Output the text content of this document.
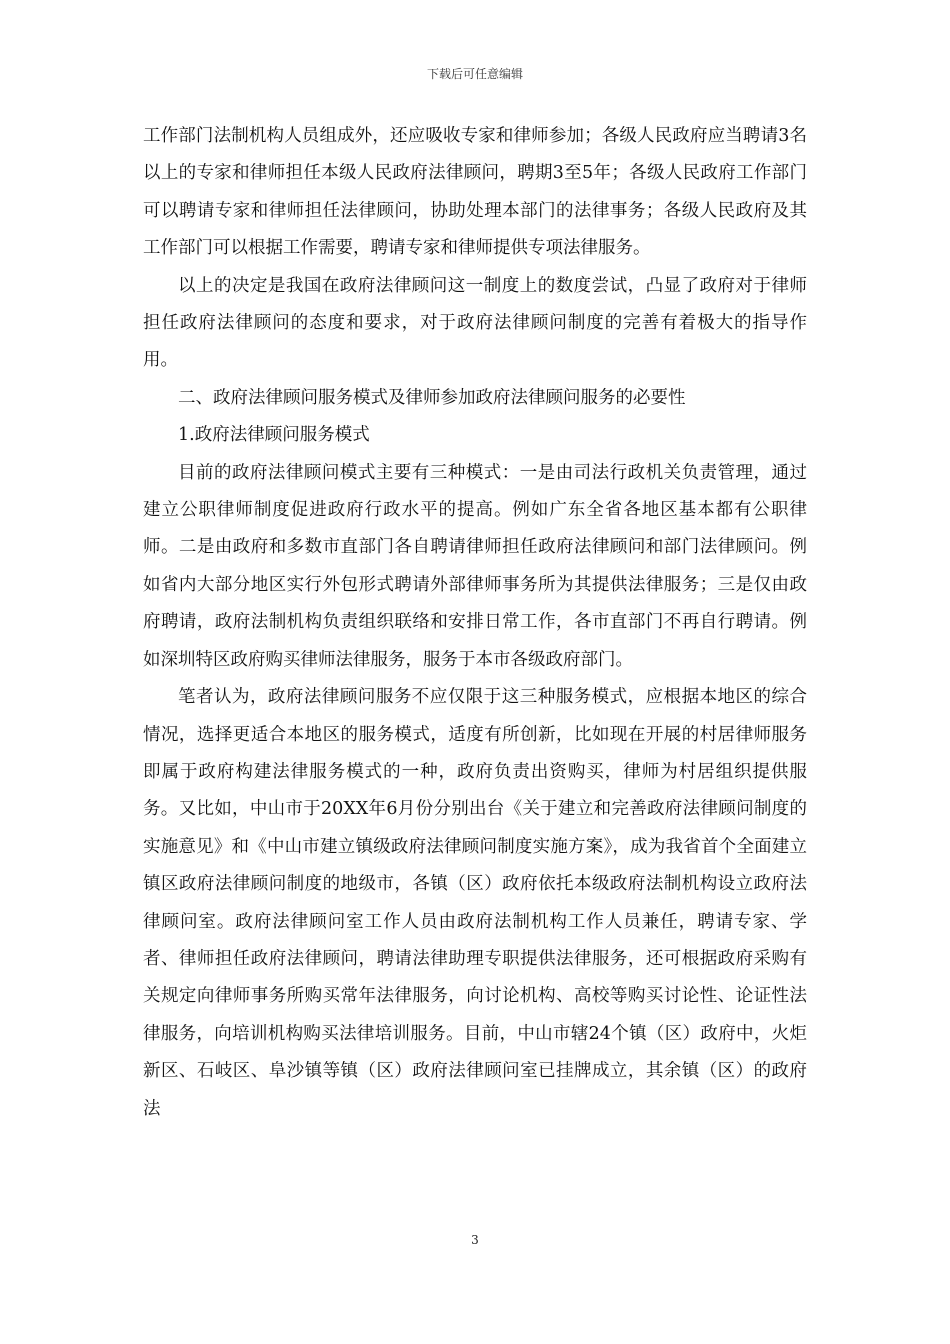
下载后可任意编辑

工作部门法制机构人员组成外，还应吸收专家和律师参加；各级人民政府应当聘请3名以上的专家和律师担任本级人民政府法律顾问，聘期3至5年；各级人民政府工作部门可以聘请专家和律师担任法律顾问，协助处理本部门的法律事务；各级人民政府及其工作部门可以根据工作需要，聘请专家和律师提供专项法律服务。

以上的决定是我国在政府法律顾问这一制度上的数度尝试，凸显了政府对于律师担任政府法律顾问的态度和要求，对于政府法律顾问制度的完善有着极大的指导作用。

二、政府法律顾问服务模式及律师参加政府法律顾问服务的必要性

1.政府法律顾问服务模式

目前的政府法律顾问模式主要有三种模式：一是由司法行政机关负责管理，通过建立公职律师制度促进政府行政水平的提高。例如广东全省各地区基本都有公职律师。二是由政府和多数市直部门各自聘请律师担任政府法律顾问和部门法律顾问。例如省内大部分地区实行外包形式聘请外部律师事务所为其提供法律服务；三是仅由政府聘请，政府法制机构负责组织联络和安排日常工作，各市直部门不再自行聘请。例如深圳特区政府购买律师法律服务，服务于本市各级政府部门。

笔者认为，政府法律顾问服务不应仅限于这三种服务模式，应根据本地区的综合情况，选择更适合本地区的服务模式，适度有所创新，比如现在开展的村居律师服务即属于政府构建法律服务模式的一种，政府负责出资购买，律师为村居组织提供服务。又比如，中山市于20XX年6月份分别出台《关于建立和完善政府法律顾问制度的实施意见》和《中山市建立镇级政府法律顾问制度实施方案》，成为我省首个全面建立镇区政府法律顾问制度的地级市，各镇（区）政府依托本级政府法制机构设立政府法律顾问室。政府法律顾问室工作人员由政府法制机构工作人员兼任，聘请专家、学者、律师担任政府法律顾问，聘请法律助理专职提供法律服务，还可根据政府采购有关规定向律师事务所购买常年法律服务，向讨论机构、高校等购买讨论性、论证性法律服务，向培训机构购买法律培训服务。目前，中山市辖24个镇（区）政府中，火炬新区、石岐区、阜沙镇等镇（区）政府法律顾问室已挂牌成立，其余镇（区）的政府法

3
